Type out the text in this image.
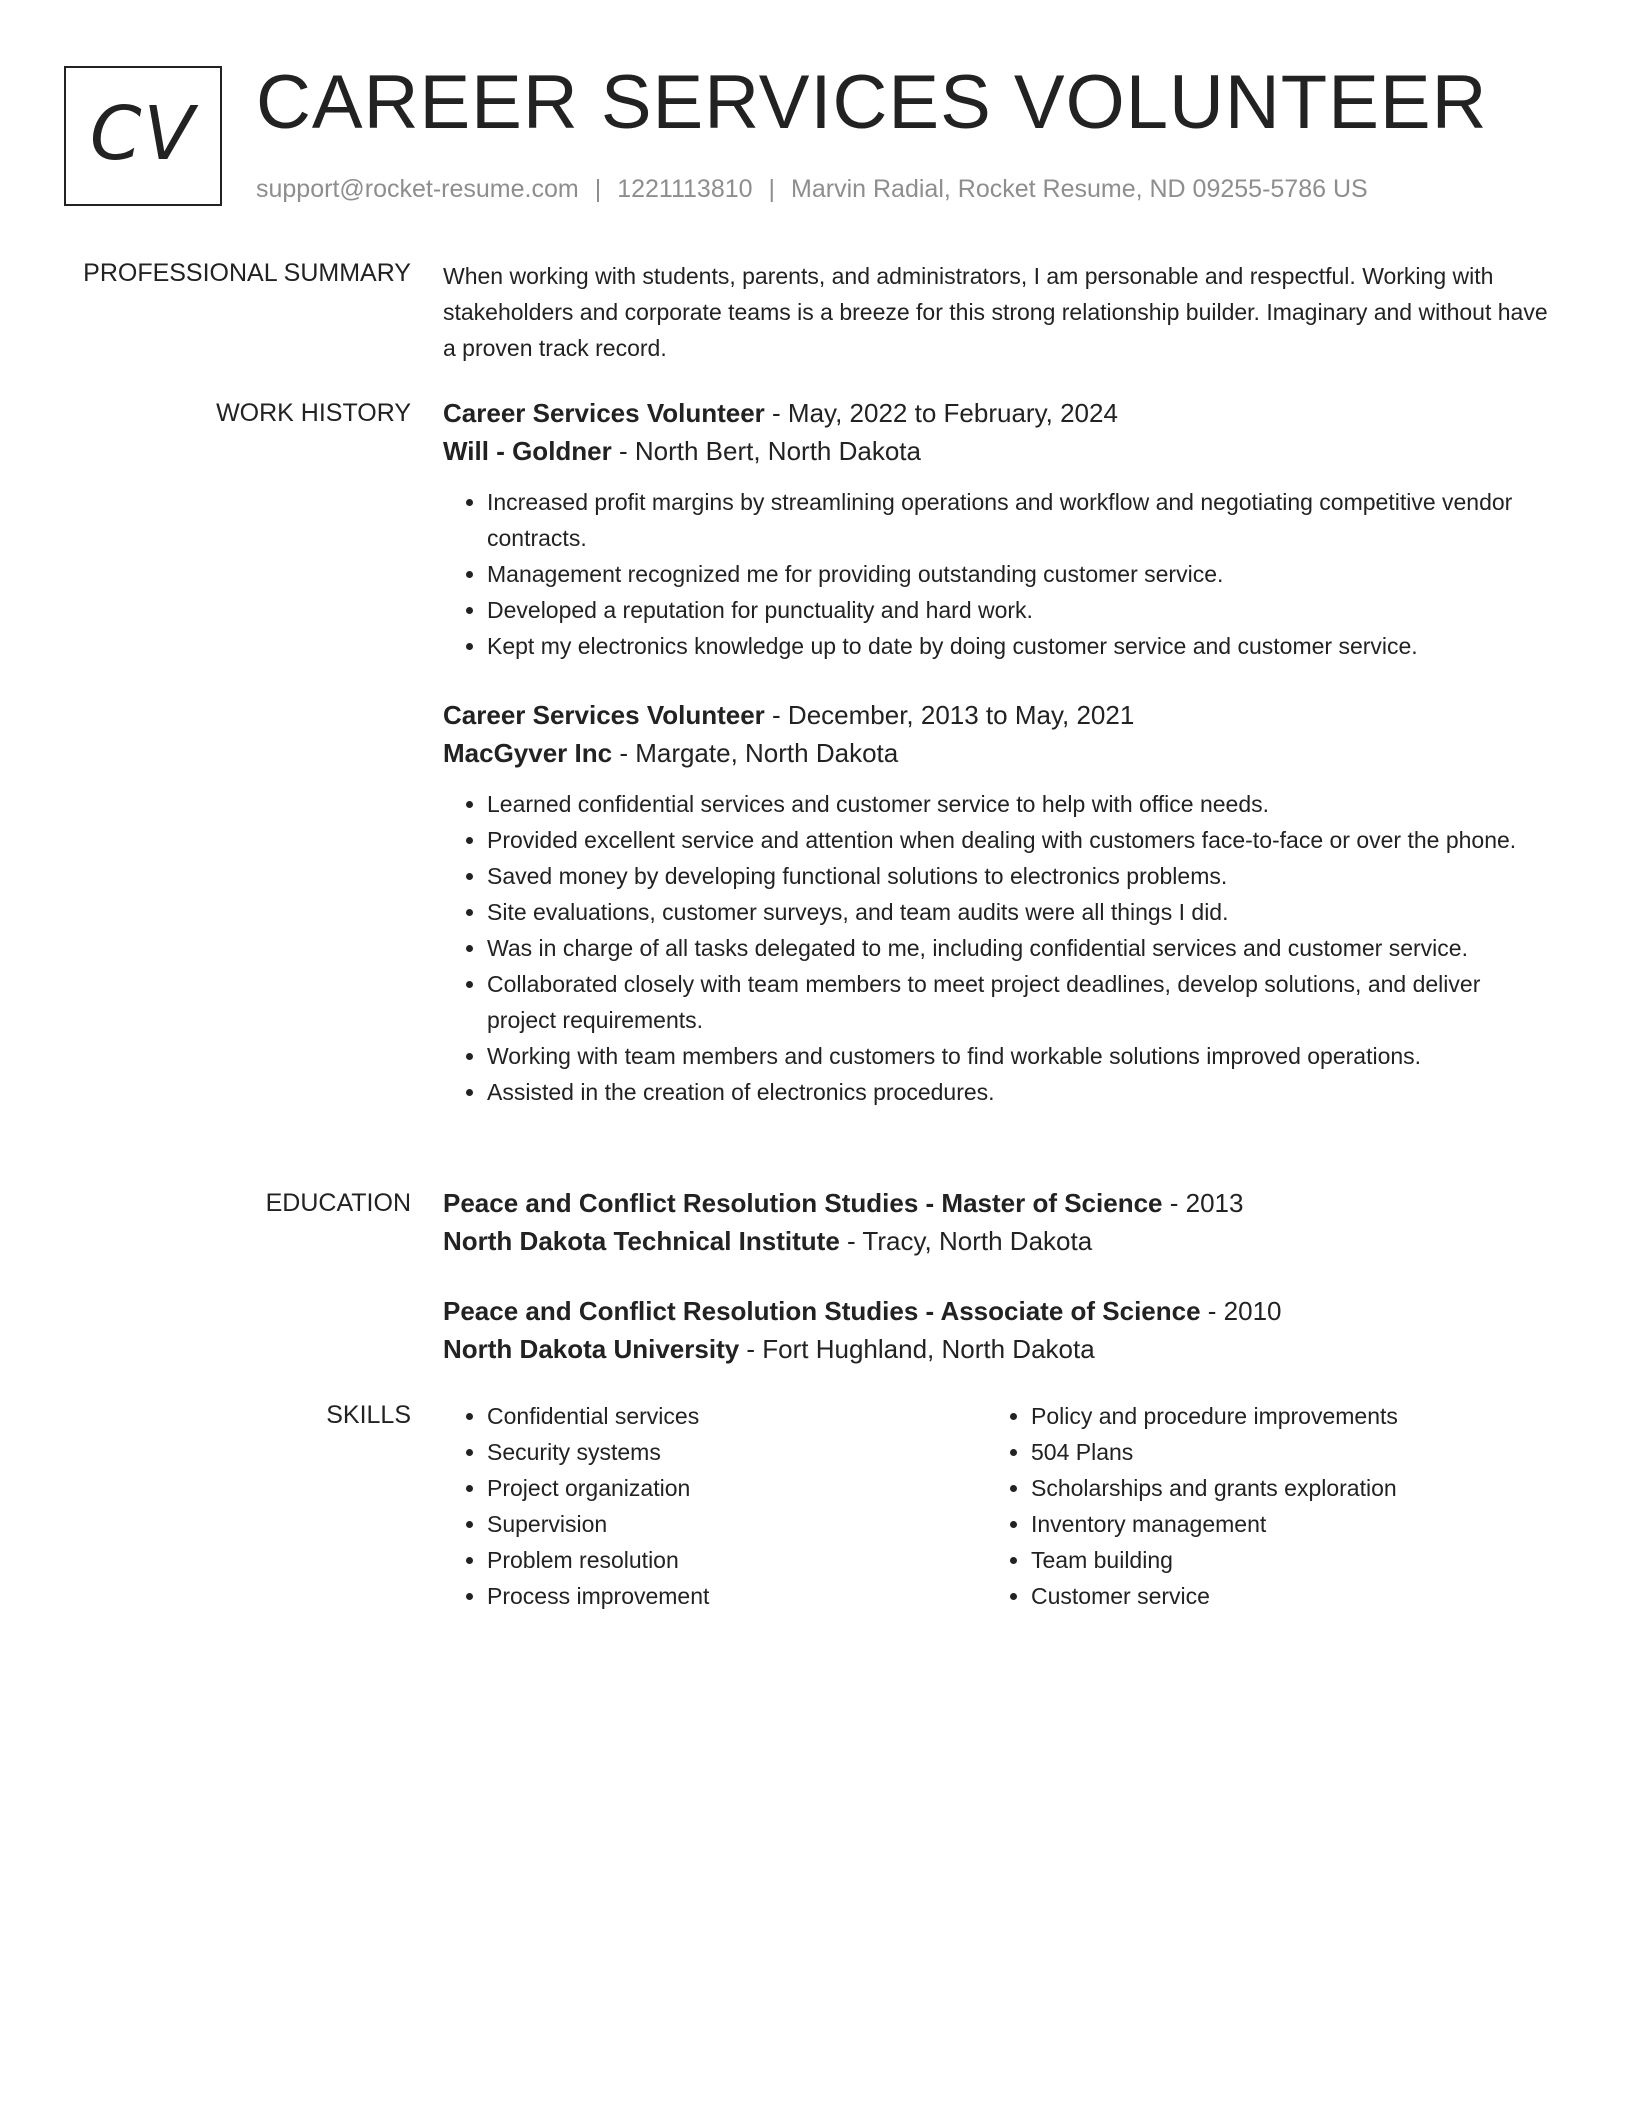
CV CAREER SERVICES VOLUNTEER
support@rocket-resume.com | 1221113810 | Marvin Radial, Rocket Resume, ND 09255-5786 US
PROFESSIONAL SUMMARY When working with students, parents, and administrators, I am personable and respectful. Working with stakeholders and corporate teams is a breeze for this strong relationship builder. Imaginary and without have a proven track record.

WORK HISTORY Career Services Volunteer - May, 2022 to February, 2024
Will - Goldner - North Bert, North Dakota
• Increased profit margins by streamlining operations and workflow and negotiating competitive vendor contracts.
• Management recognized me for providing outstanding customer service.
• Developed a reputation for punctuality and hard work.
• Kept my electronics knowledge up to date by doing customer service and customer service.
Career Services Volunteer - December, 2013 to May, 2021
MacGyver Inc - Margate, North Dakota
• Learned confidential services and customer service to help with office needs.
• Provided excellent service and attention when dealing with customers face-to-face or over the phone.
• Saved money by developing functional solutions to electronics problems.
• Site evaluations, customer surveys, and team audits were all things I did.
• Was in charge of all tasks delegated to me, including confidential services and customer service.
• Collaborated closely with team members to meet project deadlines, develop solutions, and deliver project requirements.
• Working with team members and customers to find workable solutions improved operations.
• Assisted in the creation of electronics procedures.
EDUCATION Peace and Conflict Resolution Studies - Master of Science - 2013
North Dakota Technical Institute - Tracy, North Dakota
Peace and Conflict Resolution Studies - Associate of Science - 2010
North Dakota University - Fort Hughland, North Dakota
SKILLS
•	Confidential services
• Security systems
• Project organization
• Supervision
• Problem resolution
• Process improvement
• Policy and procedure improvements
• 504 Plans
• Scholarships and grants exploration
• Inventory management
• Team building
• Customer service
